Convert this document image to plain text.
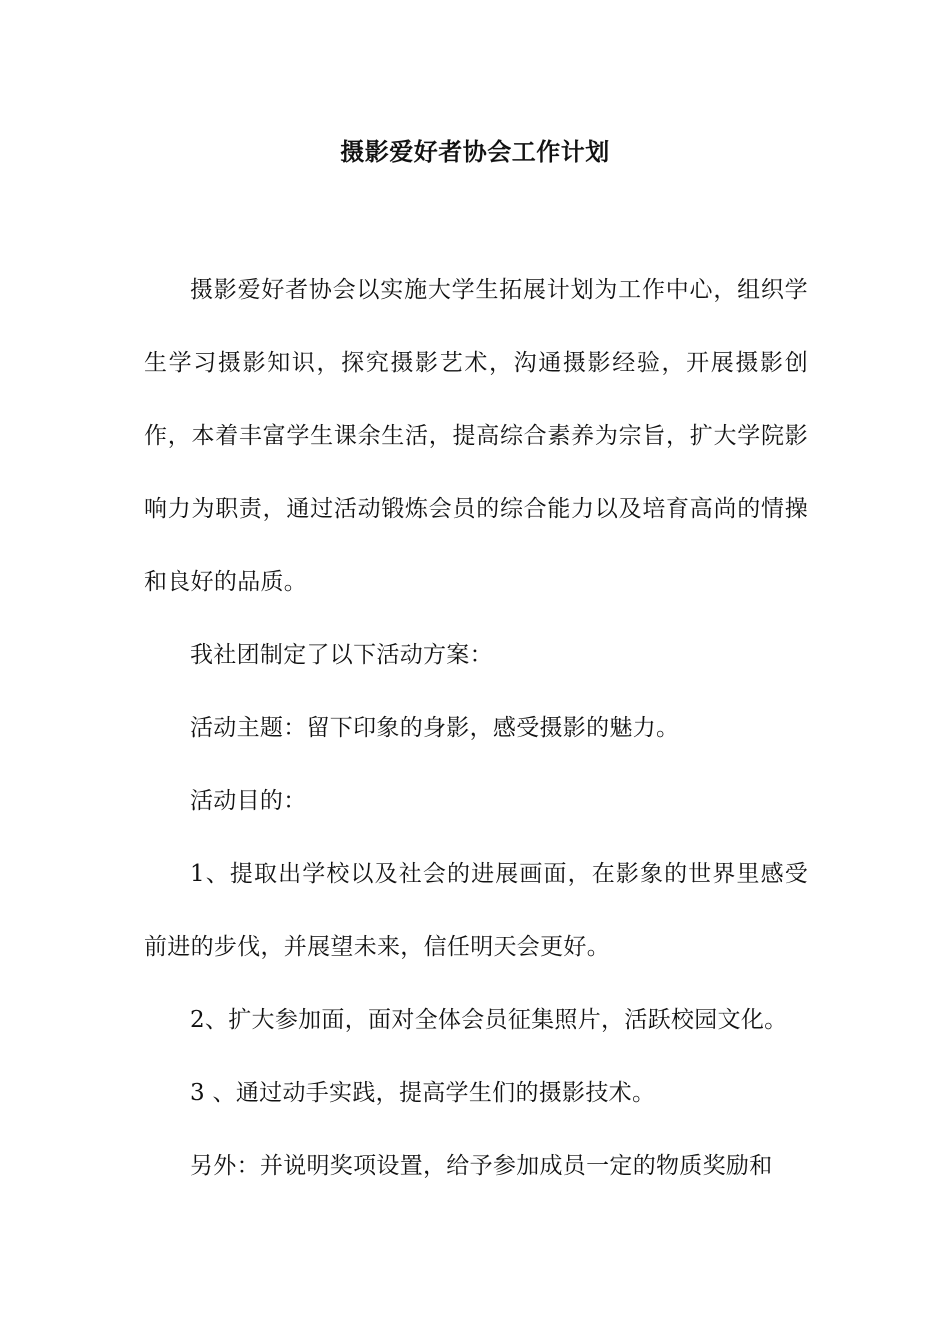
摄影爱好者协会工作计划

摄影爱好者协会以实施大学生拓展计划为工作中心，组织学生学习摄影知识，探究摄影艺术，沟通摄影经验，开展摄影创作，本着丰富学生课余生活，提高综合素养为宗旨，扩大学院影响力为职责，通过活动锻炼会员的综合能力以及培育高尚的情操和良好的品质。

我社团制定了以下活动方案：

活动主题：留下印象的身影，感受摄影的魅力。

活动目的：

1、提取出学校以及社会的进展画面，在影象的世界里感受前进的步伐，并展望未来，信任明天会更好。

2、扩大参加面，面对全体会员征集照片，活跃校园文化。

3 、通过动手实践，提高学生们的摄影技术。

另外：并说明奖项设置，给予参加成员一定的物质奖励和
